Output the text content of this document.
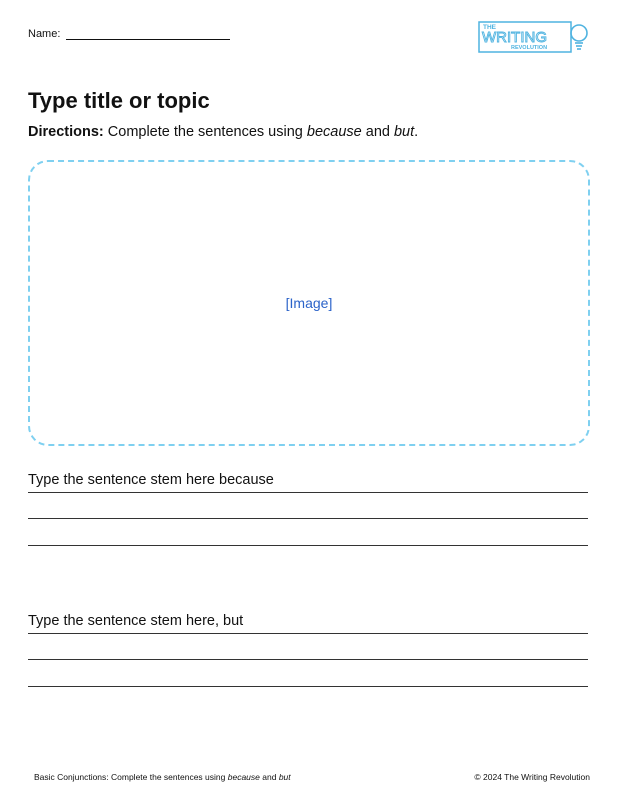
Name:
THE
WRITING
REVOLUTION
Type title or topic
Directions: Complete the sentences using because and but.
[Image]
Type the sentence stem here because
Type the sentence stem here, but
Basic Conjunctions: Complete the sentences using because and but	© 2024 The Writing Revolution
